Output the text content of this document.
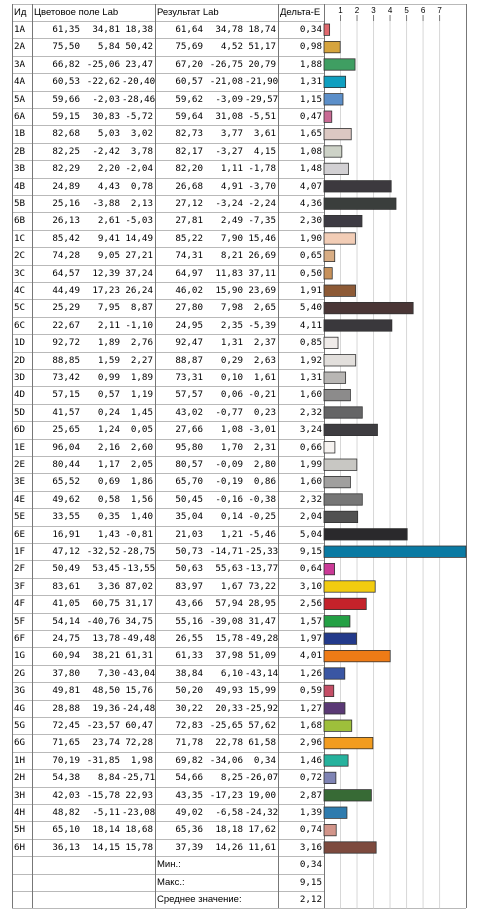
Ид Цветовое поле Lab	Результат Lab	Дельта-E
1A	61,35	34,81 18,38	61,64	34,78 18,74	0,34
2A	75,50	5,84 50,42	75,69	4,52 51,17	0,98
3A	66,82 -25,06 23,47	67,20 -26,75 20,79	1,88
4A	60,53 -22,62 -20,40	60,57 -21,08 -21,90	1,31
5A	59,66	-2,03 -28,46	59,62	-3,09 -29,57	1,15
6A	59,15	30,83 -5,72	59,64	31,08 -5,51	0,47
1B	82,68	5,03	3,02	82,73	3,77	3,61	1,65
2B	82,25	-2,42	3,78	82,17	-3,27	4,15	1,08
3B	82,29	2,20 -2,04	82,20	1,11 -1,78	1,48
4B	24,89	4,43	0,78	26,68	4,91 -3,70	4,07
5B	25,16	-3,88	2,13	27,12	-3,24 -2,24	4,36
6B	26,13	2,61 -5,03	27,81	2,49 -7,35	2,30
1C	85,42	9,41 14,49	85,22	7,90 15,46	1,90
2C	74,28	9,05 27,21	74,31	8,21 26,69	0,65
3C	64,57	12,39 37,24	64,97	11,83 37,11	0,50
4C	44,49	17,23 26,24	46,02	15,90 23,69	1,91
5C	25,29	7,95	8,87	27,80	7,98	2,65	5,40
6C	22,67	2,11 -1,10	24,95	2,35 -5,39	4,11
1D	92,72	1,89	2,76	92,47	1,31	2,37	0,85
2D	88,85	1,59	2,27	88,87	0,29	2,63	1,92
3D	73,42	0,99	1,89	73,31	0,10	1,61	1,31
4D	57,15	0,57	1,19	57,57	0,06 -0,21	1,60
5D	41,57	0,24	1,45	43,02	-0,77	0,23	2,32
6D	25,65	1,24	0,05	27,66	1,08 -3,01	3,24
1E	96,04	2,16	2,60	95,80	1,70	2,31	0,66
2E	80,44	1,17	2,05	80,57	-0,09	2,80	1,99
3E	65,52	0,69	1,86	65,70	-0,19	0,86	1,60
4E	49,62	0,58	1,56	50,45	-0,16 -0,38	2,32
5E	33,55	0,35	1,40	35,04	0,14 -0,25	2,04
6E	16,91	1,43 -0,81	21,03	1,21 -5,46	5,04
1F	47,12 -32,52 -28,75	50,73 -14,71 -25,33	9,15
2F	50,49	53,45 -13,55	50,63	55,63 -13,77	0,64
3F	83,61	3,36 87,02	83,97	1,67 73,22	3,10
4F	41,05	60,75 31,17	43,66	57,94 28,95	2,56
5F	54,14 -40,76 34,75	55,16 -39,08 31,47	1,57
6F	24,75	13,78 -49,48	26,55	15,78 -49,28	1,97
1G	60,94	38,21 61,31	61,33	37,98 51,09	4,01
2G	37,80	7,30 -43,04	38,84	6,10 -43,14	1,26
3G	49,81	48,50 15,76	50,20	49,93 15,99	0,59
4G	28,88	19,36 -24,48	30,22	20,33 -25,92	1,27
5G	72,45 -23,57 60,47	72,83 -25,65 57,62	1,68
6G	71,65	23,74 72,28	71,78	22,78 61,58	2,96
1H	70,19 -31,85	1,98	69,82 -34,06	0,34	1,46
2H	54,38	8,84 -25,71	54,66	8,25 -26,07	0,72
3H	42,03 -15,78 22,93	43,35 -17,23 19,00	2,87
4H	48,82	-5,11 -23,08	49,02	-6,58 -24,32	1,39
5H	65,10	18,14 18,68	65,36	18,18 17,62	0,74
6H	36,13	14,15 15,78	37,39	14,26 11,61	3,16
Мин.:	0,34
Макс.:	9,15
Среднее значение:	2,12
1 2 3 4 5 6 7
